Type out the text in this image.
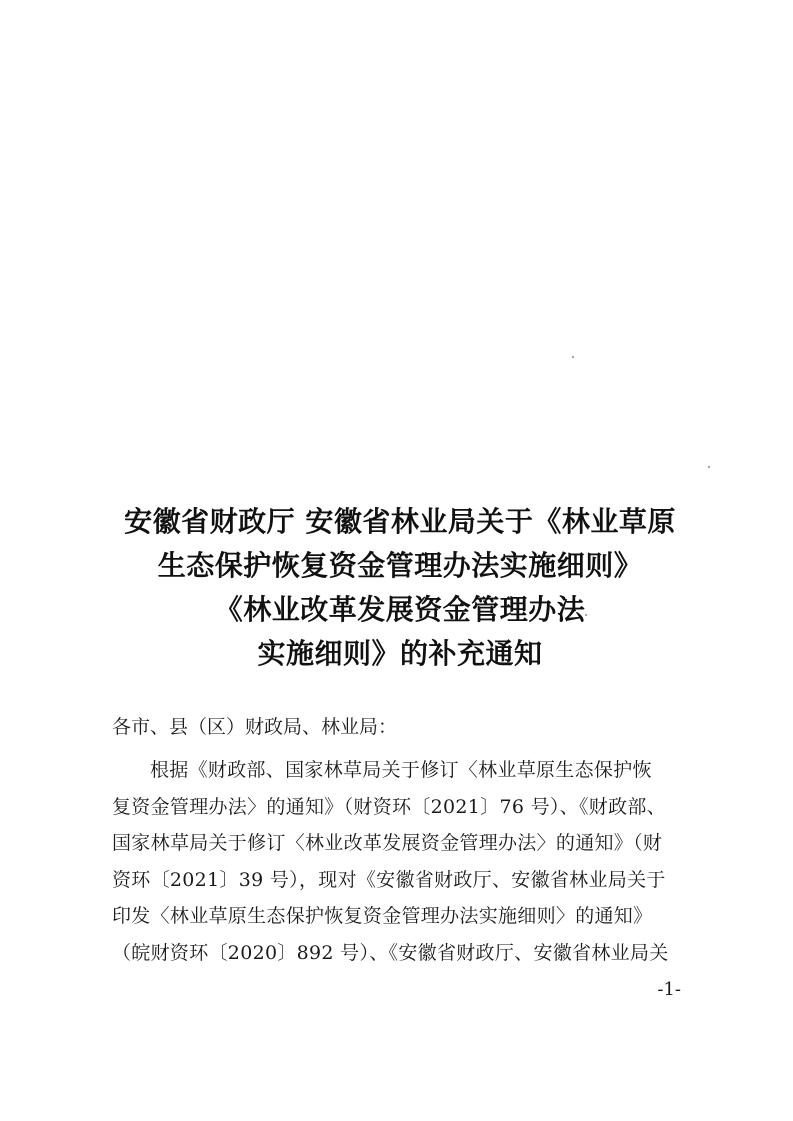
安徽省财政厅 安徽省林业局关于《林业草原
生态保护恢复资金管理办法实施细则》
《林业改革发展资金管理办法
实施细则》的补充通知
各市、县（区）财政局、林业局：
根据《财政部、国家林草局关于修订〈林业草原生态保护恢
复资金管理办法〉的通知》（财资环〔2021〕76 号）、《财政部、
国家林草局关于修订〈林业改革发展资金管理办法〉的通知》（财
资环〔2021〕39 号），现对《安徽省财政厅、安徽省林业局关于
印发〈林业草原生态保护恢复资金管理办法实施细则〉的通知》
（皖财资环〔2020〕892 号）、《安徽省财政厅、安徽省林业局关
-1-
